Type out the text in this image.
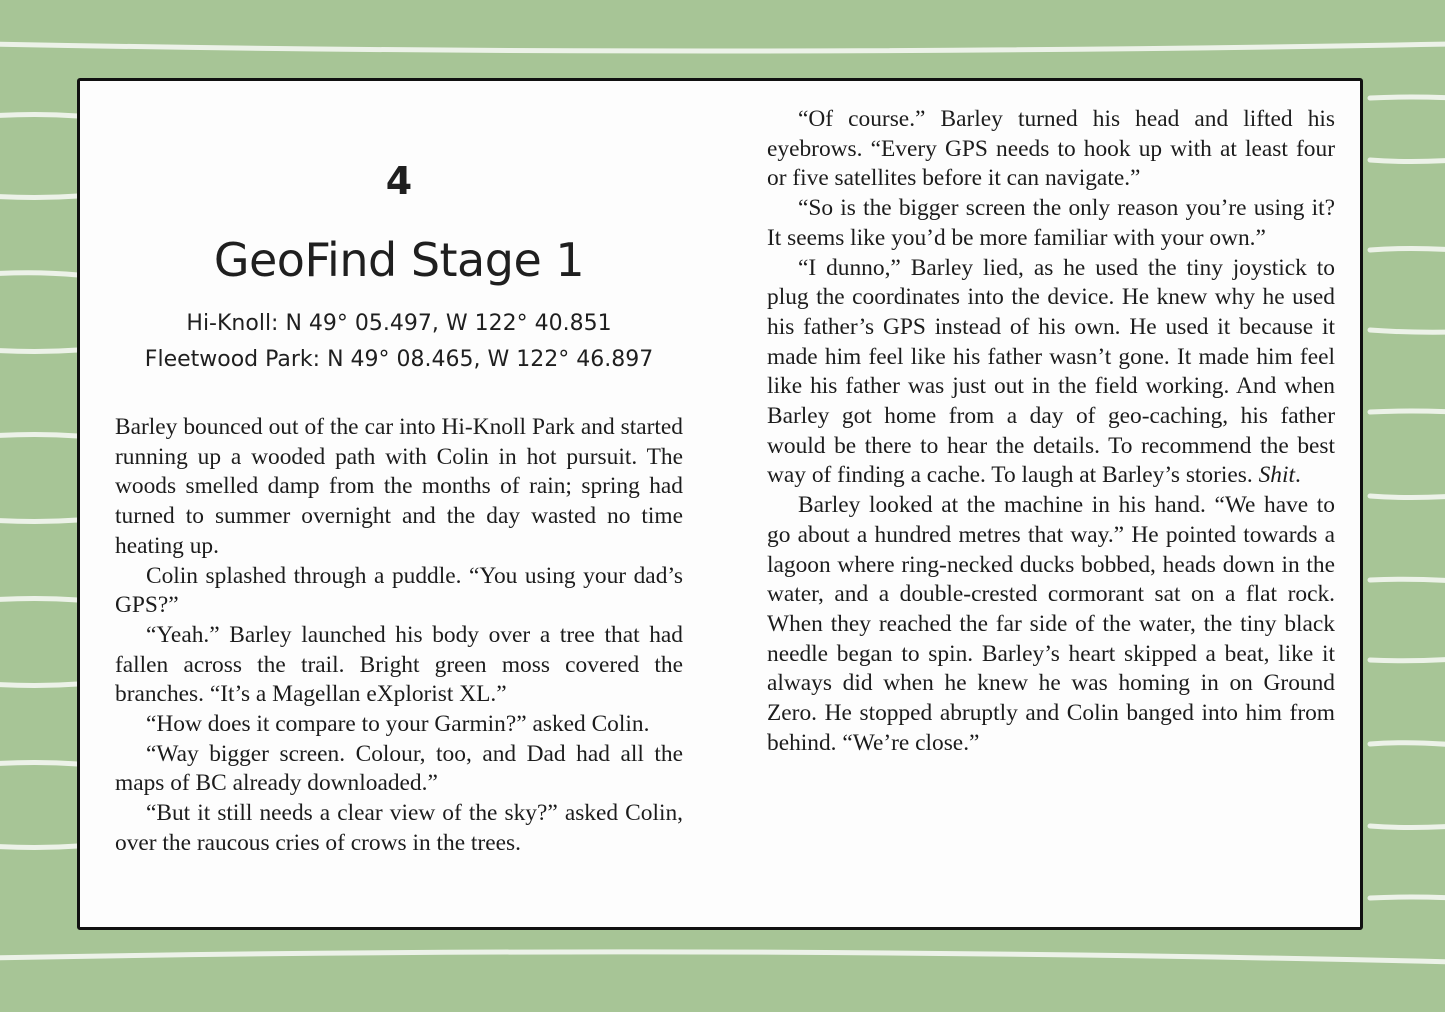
4
GeoFind Stage 1
Hi-Knoll: N 49° 05.497, W 122° 40.851
Fleetwood Park: N 49° 08.465, W 122° 46.897

Barley bounced out of the car into Hi-Knoll Park and started running up a wooded path with Colin in hot pursuit. The woods smelled damp from the months of rain; spring had turned to summer overnight and the day wasted no time heating up.

Colin splashed through a puddle. “You using your dad’s GPS?”

“Yeah.” Barley launched his body over a tree that had fallen across the trail. Bright green moss covered the branches. “It’s a Magellan eXplorist XL.”

“How does it compare to your Garmin?” asked Colin.

“Way bigger screen. Colour, too, and Dad had all the maps of BC already downloaded.”

“But it still needs a clear view of the sky?” asked Colin, over the raucous cries of crows in the trees.

“Of course.” Barley turned his head and lifted his eyebrows. “Every GPS needs to hook up with at least four or five satellites before it can navigate.”

“So is the bigger screen the only reason you’re using it? It seems like you’d be more familiar with your own.”

“I dunno,” Barley lied, as he used the tiny joystick to plug the coordinates into the device. He knew why he used his father’s GPS instead of his own. He used it because it made him feel like his father wasn’t gone. It made him feel like his father was just out in the field working. And when Barley got home from a day of geo-caching, his father would be there to hear the details. To recommend the best way of finding a cache. To laugh at Barley’s stories. Shit.

Barley looked at the machine in his hand. “We have to go about a hundred metres that way.” He pointed towards a lagoon where ring-necked ducks bobbed, heads down in the water, and a double-crested cormorant sat on a flat rock. When they reached the far side of the water, the tiny black needle began to spin. Barley’s heart skipped a beat, like it always did when he knew he was homing in on Ground Zero. He stopped abruptly and Colin banged into him from behind. “We’re close.”
